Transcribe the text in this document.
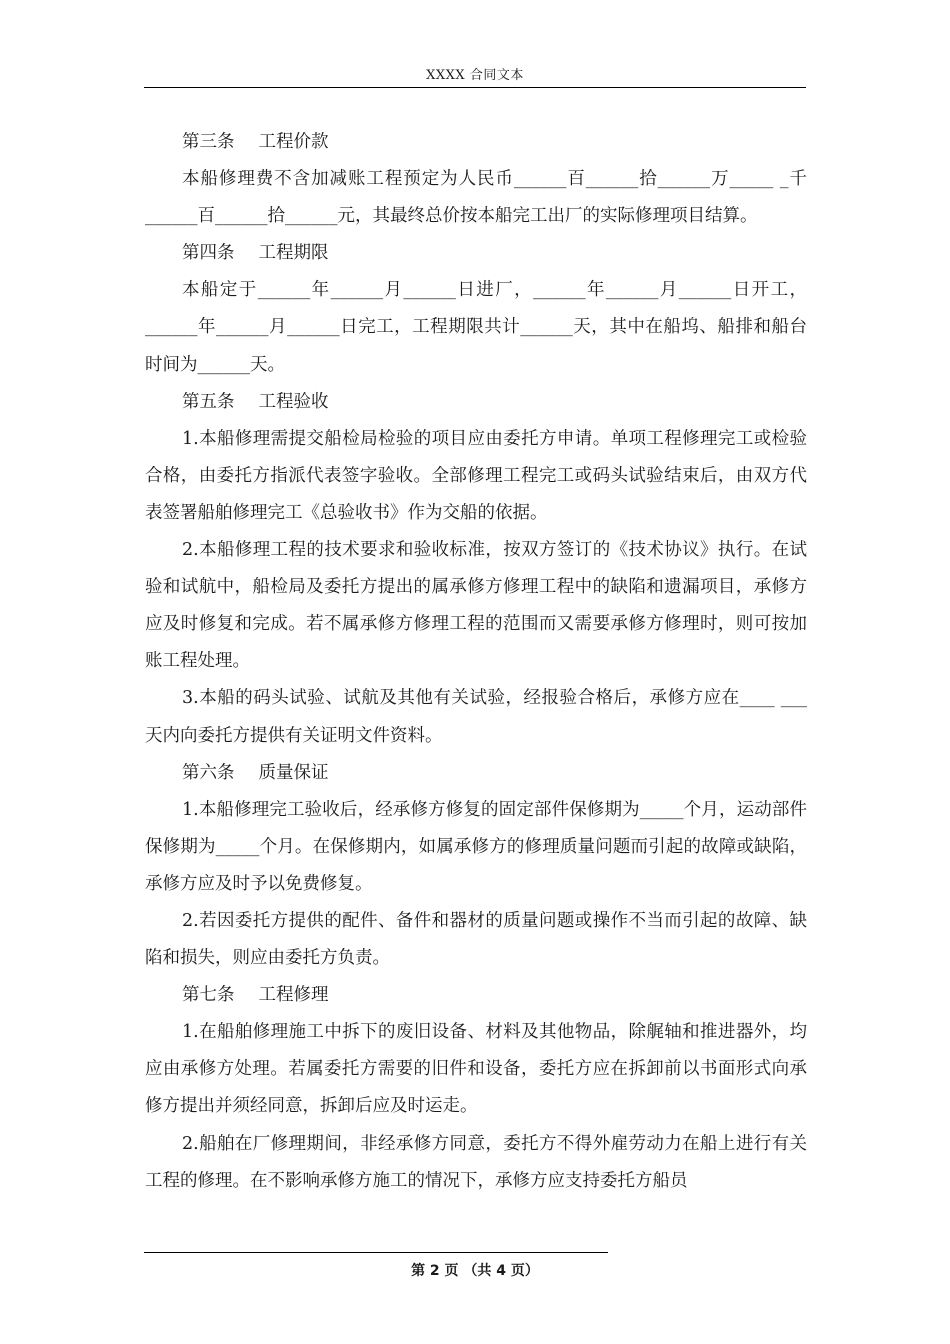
XXXX 合同文本

第三条 工程价款

本船修理费不含加减账工程预定为人民币______百______拾______万_____ _千______百______拾______元，其最终总价按本船完工出厂的实际修理项目结算。

第四条 工程期限

本船定于______年______月______日进厂，______年______月______日开工，______年______月______日完工，工程期限共计______天，其中在船坞、船排和船台时间为______天。

第五条 工程验收

1.本船修理需提交船检局检验的项目应由委托方申请。单项工程修理完工或检验合格，由委托方指派代表签字验收。全部修理工程完工或码头试验结束后，由双方代表签署船舶修理完工《总验收书》作为交船的依据。

2.本船修理工程的技术要求和验收标准，按双方签订的《技术协议》执行。在试验和试航中，船检局及委托方提出的属承修方修理工程中的缺陷和遗漏项目，承修方应及时修复和完成。若不属承修方修理工程的范围而又需要承修方修理时，则可按加账工程处理。

3.本船的码头试验、试航及其他有关试验，经报验合格后，承修方应在____ ___天内向委托方提供有关证明文件资料。

第六条 质量保证

1.本船修理完工验收后，经承修方修复的固定部件保修期为_____个月，运动部件保修期为_____个月。在保修期内，如属承修方的修理质量问题而引起的故障或缺陷，承修方应及时予以免费修复。

2.若因委托方提供的配件、备件和器材的质量问题或操作不当而引起的故障、缺陷和损失，则应由委托方负责。

第七条 工程修理

1.在船舶修理施工中拆下的废旧设备、材料及其他物品，除艉轴和推进器外，均应由承修方处理。若属委托方需要的旧件和设备，委托方应在拆卸前以书面形式向承修方提出并须经同意，拆卸后应及时运走。

2.船舶在厂修理期间，非经承修方同意，委托方不得外雇劳动力在船上进行有关工程的修理。在不影响承修方施工的情况下，承修方应支持委托方船员

第 2 页 （共 4 页）
